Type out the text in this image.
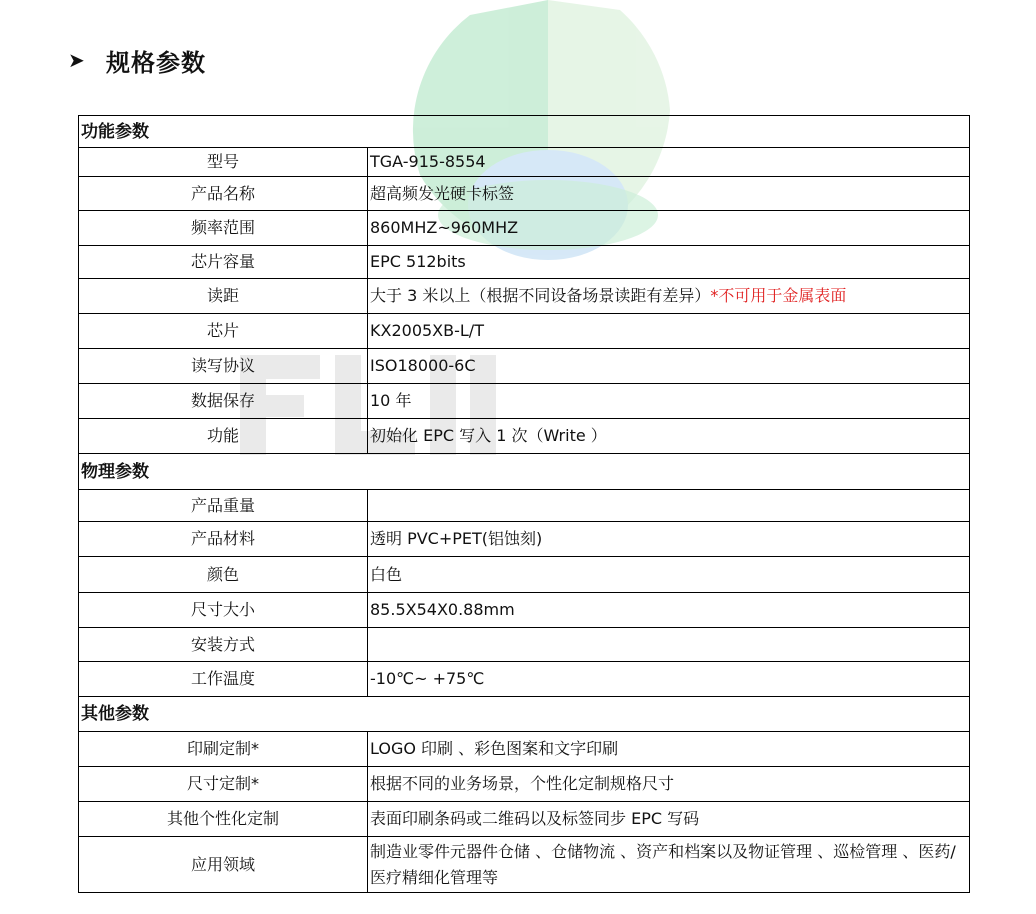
➤ 规格参数
功能参数	
型号	TGA-915-8554
产品名称	超高频发光硬卡标签
频率范围	860MHZ~960MHZ
芯片容量	EPC 512bits
读距	大于 3 米以上（根据不同设备场景读距有差异）*不可用于金属表面
芯片	KX2005XB-L/T
读写协议	ISO18000-6C
数据保存	10 年
功能	初始化 EPC 写入 1 次（Write ）
物理参数	
产品重量	
产品材料	透明 PVC+PET(铝蚀刻)
颜色	白色
尺寸大小	85.5X54X0.88mm
安装方式	
工作温度	-10℃~ +75℃
其他参数	
印刷定制*	LOGO 印刷 、彩色图案和文字印刷
尺寸定制*	根据不同的业务场景，个性化定制规格尺寸
其他个性化定制	表面印刷条码或二维码以及标签同步 EPC 写码
应用领域	制造业零件元器件仓储 、仓储物流 、资产和档案以及物证管理 、巡检管理 、医药/医疗精细化管理等
